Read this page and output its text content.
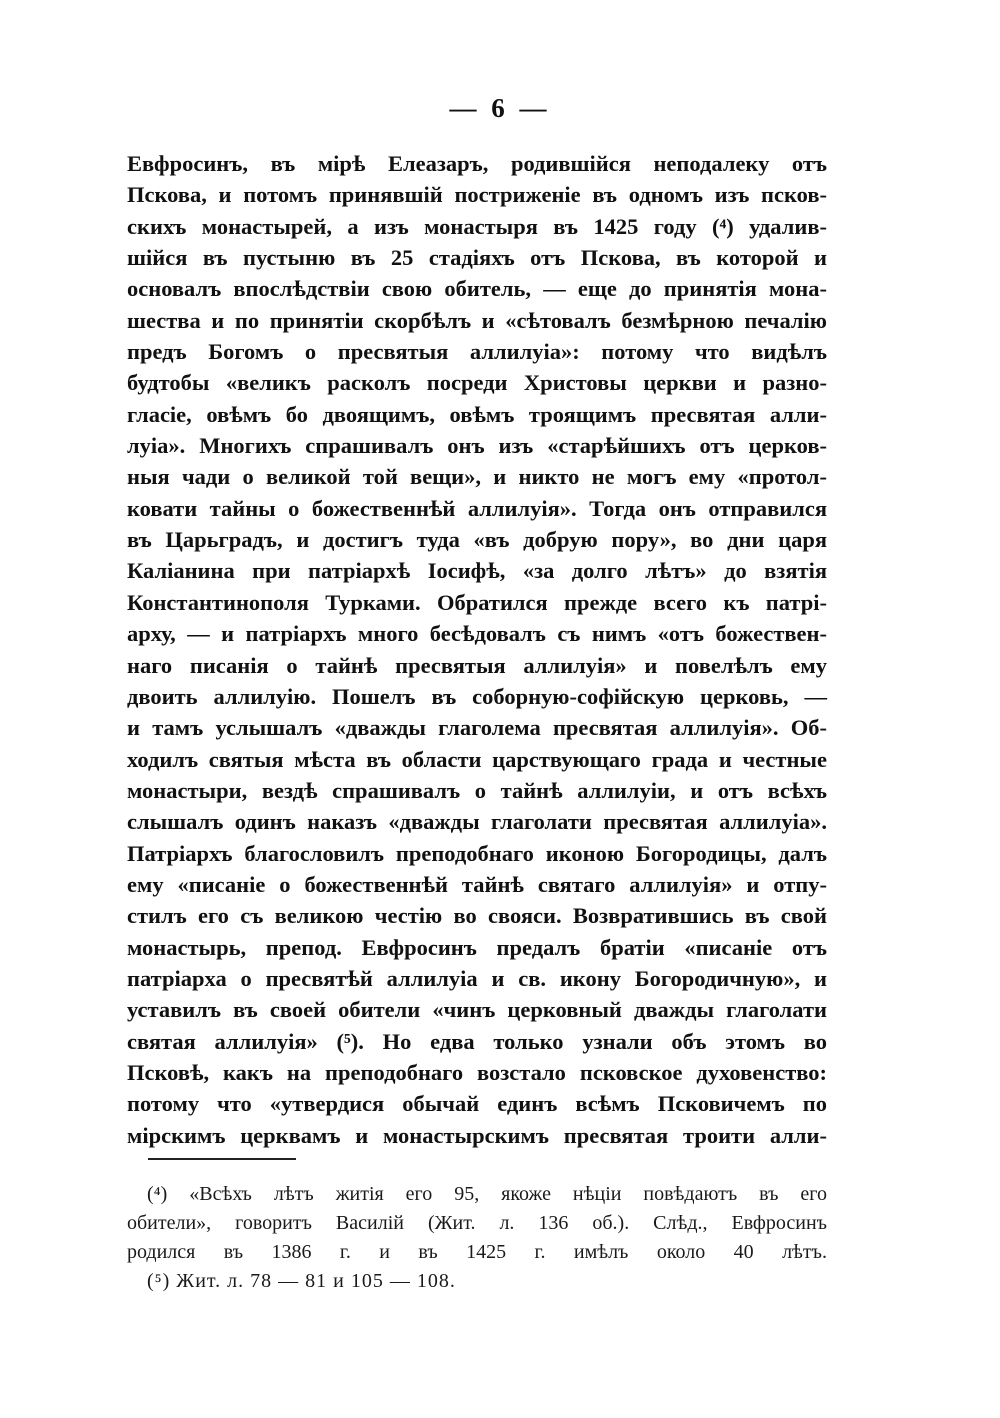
— 6 —
Евфросинъ, въ мірѣ Елеазаръ, родившійся неподалеку отъ
Пскова, и потомъ принявшій постриженіе въ одномъ изъ псков-
скихъ монастырей, а изъ монастыря въ 1425 году (⁴) удалив-
шійся въ пустыню въ 25 стадіяхъ отъ Пскова, въ которой и
основалъ впослѣдствіи свою обитель, — еще до принятія мона-
шества и по принятіи скорбѣлъ и «сѣтовалъ безмѣрною печалію
предъ Богомъ о пресвятыя аллилуіа»: потому что видѣлъ
будтобы «великъ расколъ посреди Христовы церкви и разно-
гласіе, овѣмъ бо двоящимъ, овѣмъ троящимъ пресвятая алли-
луіа». Многихъ спрашивалъ онъ изъ «старѣйшихъ отъ церков-
ныя чади о великой той вещи», и никто не могъ ему «протол-
ковати тайны о божественнѣй аллилуія». Тогда онъ отправился
въ Царьградъ, и достигъ туда «въ добрую пору», во дни царя
Каліанина при патріархѣ Іосифѣ, «за долго лѣтъ» до взятія
Константинополя Турками. Обратился прежде всего къ патрі-
арху, — и патріархъ много бесѣдовалъ съ нимъ «отъ божествен-
наго писанія о тайнѣ пресвятыя аллилуія» и повелѣлъ ему
двоить аллилуію. Пошелъ въ соборную-софійскую церковь, —
и тамъ услышалъ «дважды глаголема пресвятая аллилуія». Об-
ходилъ святыя мѣста въ области царствующаго града и честные
монастыри, вездѣ спрашивалъ о тайнѣ аллилуіи, и отъ всѣхъ
слышалъ одинъ наказъ «дважды глаголати пресвятая аллилуіа».
Патріархъ благословилъ преподобнаго иконою Богородицы, далъ
ему «писаніе о божественнѣй тайнѣ святаго аллилуія» и отпу-
стилъ его съ великою честію во свояси. Возвратившись въ свой
монастырь, препод. Евфросинъ предалъ братіи «писаніе отъ
патріарха о пресвятѣй аллилуіа и св. икону Богородичную», и
уставилъ въ своей обители «чинъ церковный дважды глаголати
святая аллилуія» (⁵). Но едва только узнали объ этомъ во
Псковѣ, какъ на преподобнаго возстало псковское духовенство:
потому что «утвердися обычай единъ всѣмъ Псковичемъ по
мірскимъ церквамъ и монастырскимъ пресвятая троити алли-
(⁴) «Всѣхъ лѣтъ житія его 95, якоже нѣціи повѣдаютъ въ его
обители», говоритъ Василій (Жит. л. 136 об.). Слѣд., Евфросинъ
родился въ 1386 г. и въ 1425 г. имѣлъ около 40 лѣтъ.
(⁵) Жит. л. 78 — 81 и 105 — 108.
